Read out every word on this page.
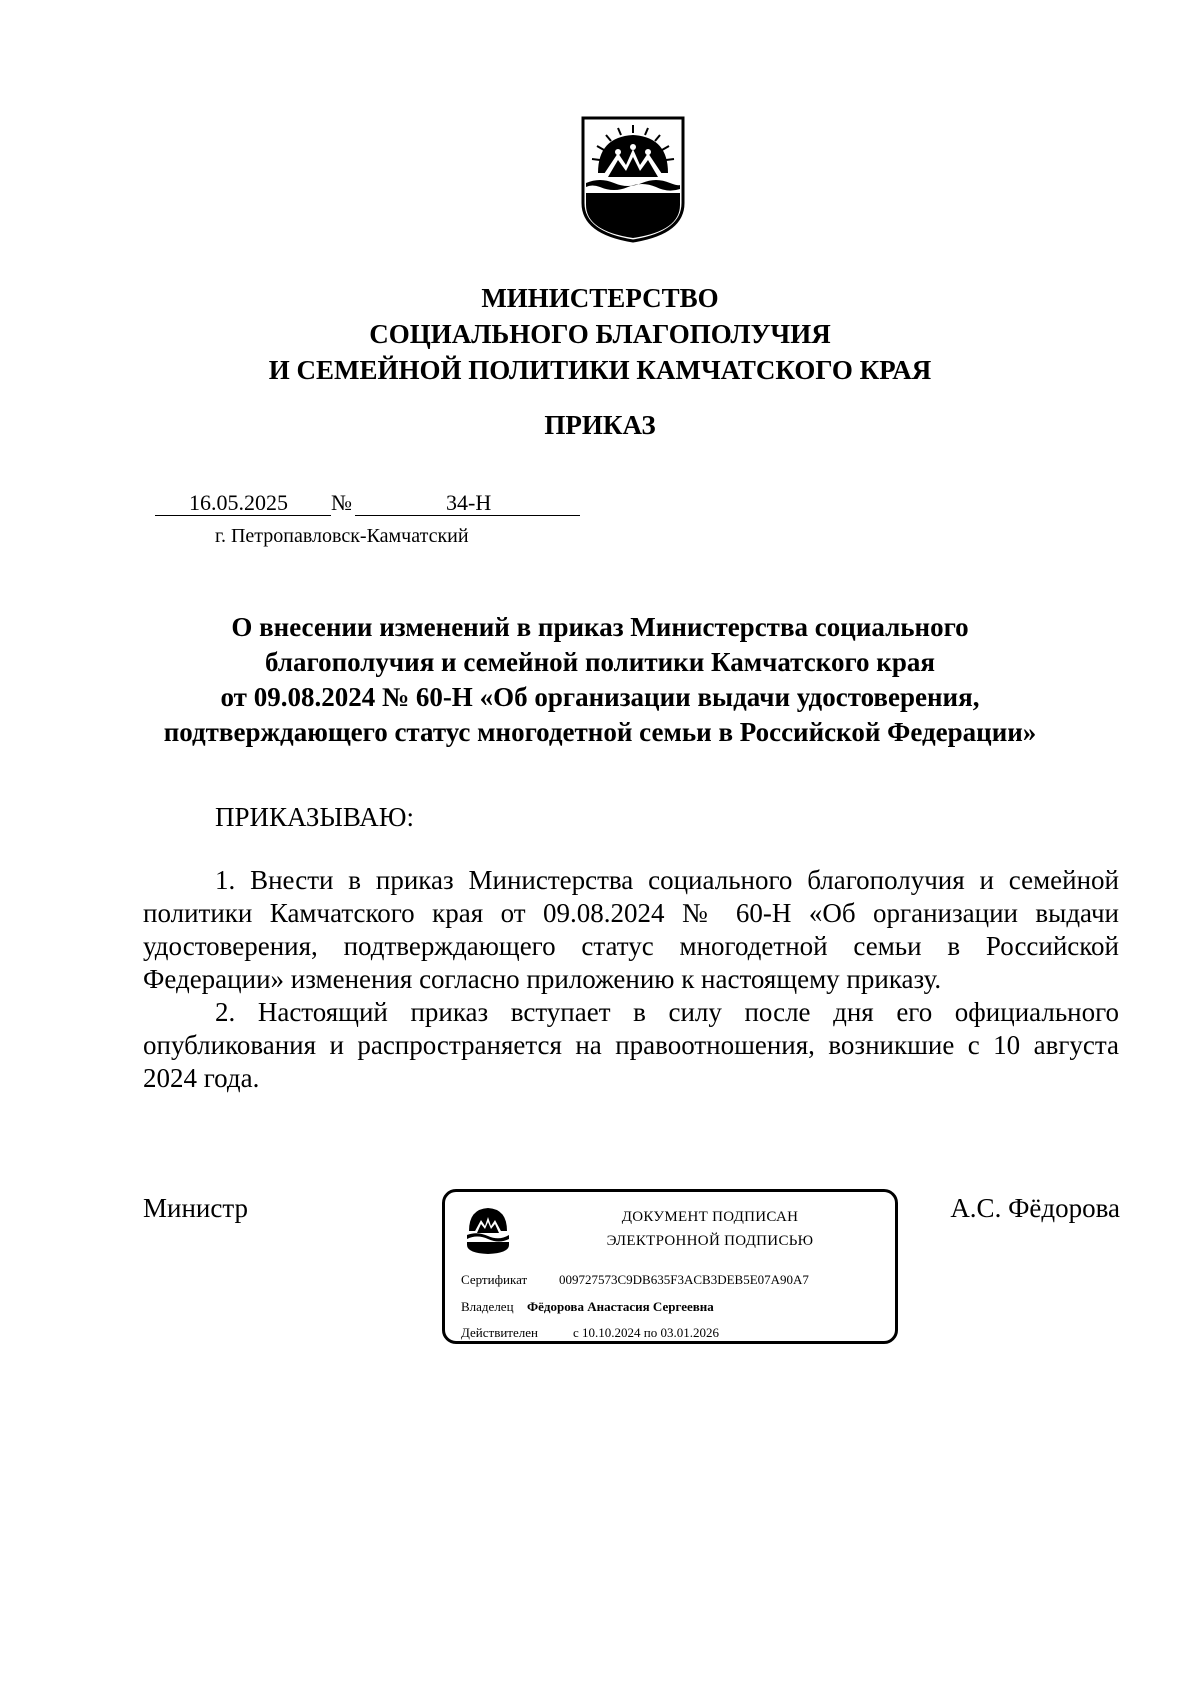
МИНИСТЕРСТВО
СОЦИАЛЬНОГО БЛАГОПОЛУЧИЯ
И СЕМЕЙНОЙ ПОЛИТИКИ КАМЧАТСКОГО КРАЯ
ПРИКАЗ
16.05.2025 №	34-Н
г. Петропавловск-Камчатский
О внесении изменений в приказ Министерства социального
благополучия и семейной политики Камчатского края
от 09.08.2024 № 60-Н «Об организации выдачи удостоверения,
подтверждающего статус многодетной семьи в Российской Федерации»
ПРИКАЗЫВАЮ:
1. Внести в приказ Министерства социального благополучия и семейной политики Камчатского края от 09.08.2024 № 60-Н «Об организации выдачи удостоверения, подтверждающего статус многодетной семьи в Российской Федерации» изменения согласно приложению к настоящему приказу.
2. Настоящий приказ вступает в силу после дня его официального опубликования и распространяется на правоотношения, возникшие с 10 августа 2024 года.
Министр	А.С. Фёдорова
ДОКУМЕНТ ПОДПИСАН
ЭЛЕКТРОННОЙ ПОДПИСЬЮ
Сертификат 009727573C9DB635F3ACB3DEB5E07A90A7
Владелец Фёдорова Анастасия Сергеевна
Действителен	с 10.10.2024 по 03.01.2026
